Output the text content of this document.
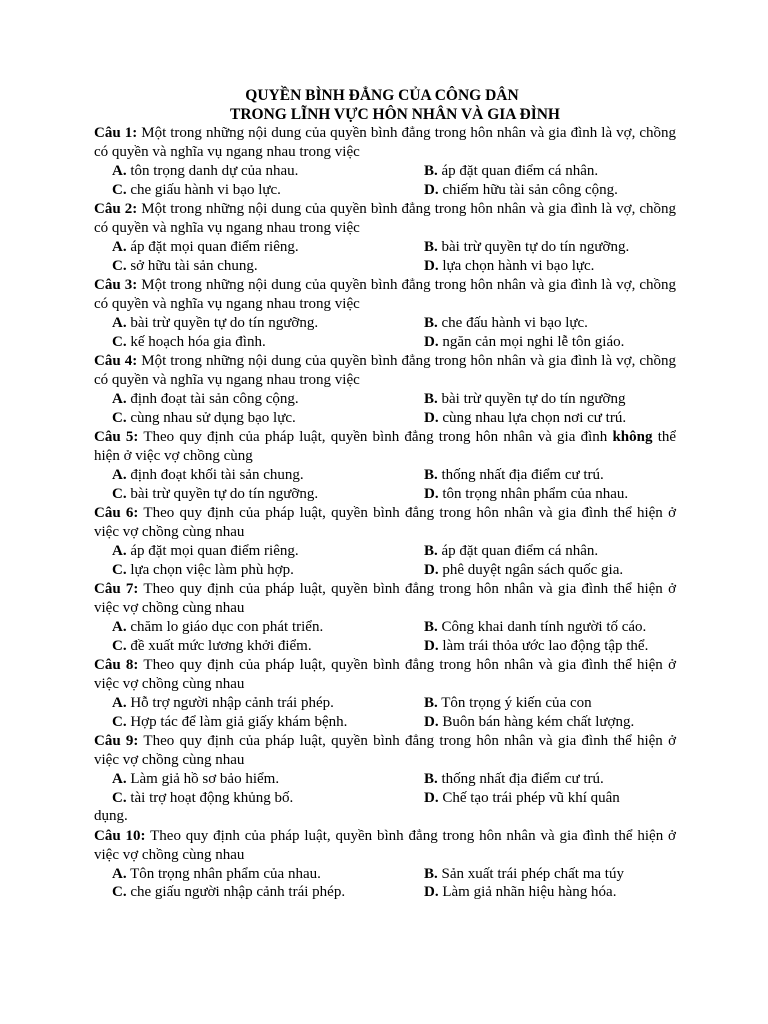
QUYỀN BÌNH ĐẲNG CỦA CÔNG DÂN
TRONG LĨNH VỰC HÔN NHÂN VÀ GIA ĐÌNH
Câu 1: Một trong những nội dung của quyền bình đẳng trong hôn nhân và gia đình là vợ, chồng có quyền và nghĩa vụ ngang nhau trong việc
A. tôn trọng danh dự của nhau.	B. áp đặt quan điểm cá nhân.
C. che giấu hành vi bạo lực.	D. chiếm hữu tài sản công cộng.
Câu 2: Một trong những nội dung của quyền bình đẳng trong hôn nhân và gia đình là vợ, chồng có quyền và nghĩa vụ ngang nhau trong việc
A. áp đặt mọi quan điểm riêng.	B. bài trừ quyền tự do tín ngưỡng.
C. sở hữu tài sản chung.	D. lựa chọn hành vi bạo lực.
Câu 3: Một trong những nội dung của quyền bình đẳng trong hôn nhân và gia đình là vợ, chồng có quyền và nghĩa vụ ngang nhau trong việc
A. bài trừ quyền tự do tín ngưỡng.	B. che đấu hành vi bạo lực.
C. kế hoạch hóa gia đình.	D. ngăn cản mọi nghi lễ tôn giáo.
Câu 4: Một trong những nội dung của quyền bình đẳng trong hôn nhân và gia đình là vợ, chồng có quyền và nghĩa vụ ngang nhau trong việc
A. định đoạt tài sản công cộng.	B. bài trừ quyền tự do tín ngưỡng
C. cùng nhau sử dụng bạo lực.	D. cùng nhau lựa chọn nơi cư trú.
Câu 5: Theo quy định của pháp luật, quyền bình đẳng trong hôn nhân và gia đình không thể hiện ở việc vợ chồng cùng
A. định đoạt khối tài sản chung.	B. thống nhất địa điểm cư trú.
C. bài trừ quyền tự do tín ngưỡng.	D. tôn trọng nhân phẩm của nhau.
Câu 6: Theo quy định của pháp luật, quyền bình đẳng trong hôn nhân và gia đình thể hiện ở việc vợ chồng cùng nhau
A. áp đặt mọi quan điểm riêng.	B. áp đặt quan điểm cá nhân.
C. lựa chọn việc làm phù hợp.	D. phê duyệt ngân sách quốc gia.
Câu 7: Theo quy định của pháp luật, quyền bình đẳng trong hôn nhân và gia đình thể hiện ở việc vợ chồng cùng nhau
A. chăm lo giáo dục con phát triển.	B. Công khai danh tính người tố cáo.
C. đề xuất mức lương khởi điểm.	D. làm trái thỏa ước lao động tập thể.
Câu 8: Theo quy định của pháp luật, quyền bình đẳng trong hôn nhân và gia đình thể hiện ở việc vợ chồng cùng nhau
A. Hỗ trợ người nhập cảnh trái phép.	B. Tôn trọng ý kiến của con
C. Hợp tác để làm giả giấy khám bệnh.	D. Buôn bán hàng kém chất lượng.
Câu 9: Theo quy định của pháp luật, quyền bình đẳng trong hôn nhân và gia đình thể hiện ở việc vợ chồng cùng nhau
A. Làm giả hồ sơ bảo hiểm.	B. thống nhất địa điểm cư trú.
C. tài trợ hoạt động khủng bố.	D. Chế tạo trái phép vũ khí quân
dụng.
Câu 10: Theo quy định của pháp luật, quyền bình đẳng trong hôn nhân và gia đình thể hiện ở việc vợ chồng cùng nhau
A. Tôn trọng nhân phẩm của nhau.	B. Sản xuất trái phép chất ma túy
C. che giấu người nhập cảnh trái phép.	D. Làm giả nhãn hiệu hàng hóa.
